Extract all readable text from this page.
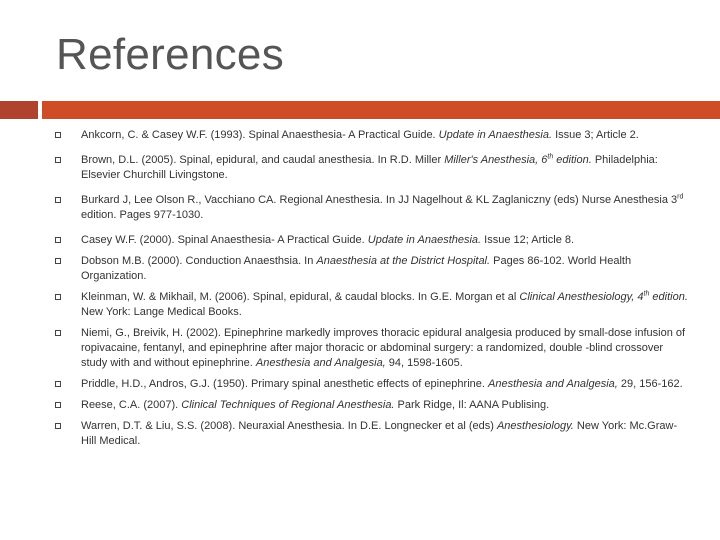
References
Ankcorn, C. & Casey W.F. (1993). Spinal Anaesthesia- A Practical Guide. Update in Anaesthesia. Issue 3; Article 2.
Brown, D.L. (2005). Spinal, epidural, and caudal anesthesia. In R.D. Miller Miller's Anesthesia, 6th edition. Philadelphia: Elsevier Churchill Livingstone.
Burkard J, Lee Olson R., Vacchiano CA. Regional Anesthesia. In JJ Nagelhout & KL Zaglaniczny (eds) Nurse Anesthesia 3rd edition. Pages 977-1030.
Casey W.F. (2000). Spinal Anaesthesia- A Practical Guide. Update in Anaesthesia. Issue 12; Article 8.
Dobson M.B. (2000). Conduction Anaesthsia. In Anaesthesia at the District Hospital. Pages 86-102. World Health Organization.
Kleinman, W. & Mikhail, M. (2006). Spinal, epidural, & caudal blocks. In G.E. Morgan et al Clinical Anesthesiology, 4th edition. New York: Lange Medical Books.
Niemi, G., Breivik, H. (2002). Epinephrine markedly improves thoracic epidural analgesia produced by small-dose infusion of ropivacaine, fentanyl, and epinephrine after major thoracic or abdominal surgery: a randomized, double -blind crossover study with and without epinephrine. Anesthesia and Analgesia, 94, 1598-1605.
Priddle, H.D., Andros, G.J. (1950). Primary spinal anesthetic effects of epinephrine. Anesthesia and Analgesia, 29, 156-162.
Reese, C.A. (2007). Clinical Techniques of Regional Anesthesia. Park Ridge, Il: AANA Publising.
Warren, D.T. & Liu, S.S. (2008). Neuraxial Anesthesia. In D.E. Longnecker et al (eds) Anesthesiology. New York: Mc.Graw-Hill Medical.
